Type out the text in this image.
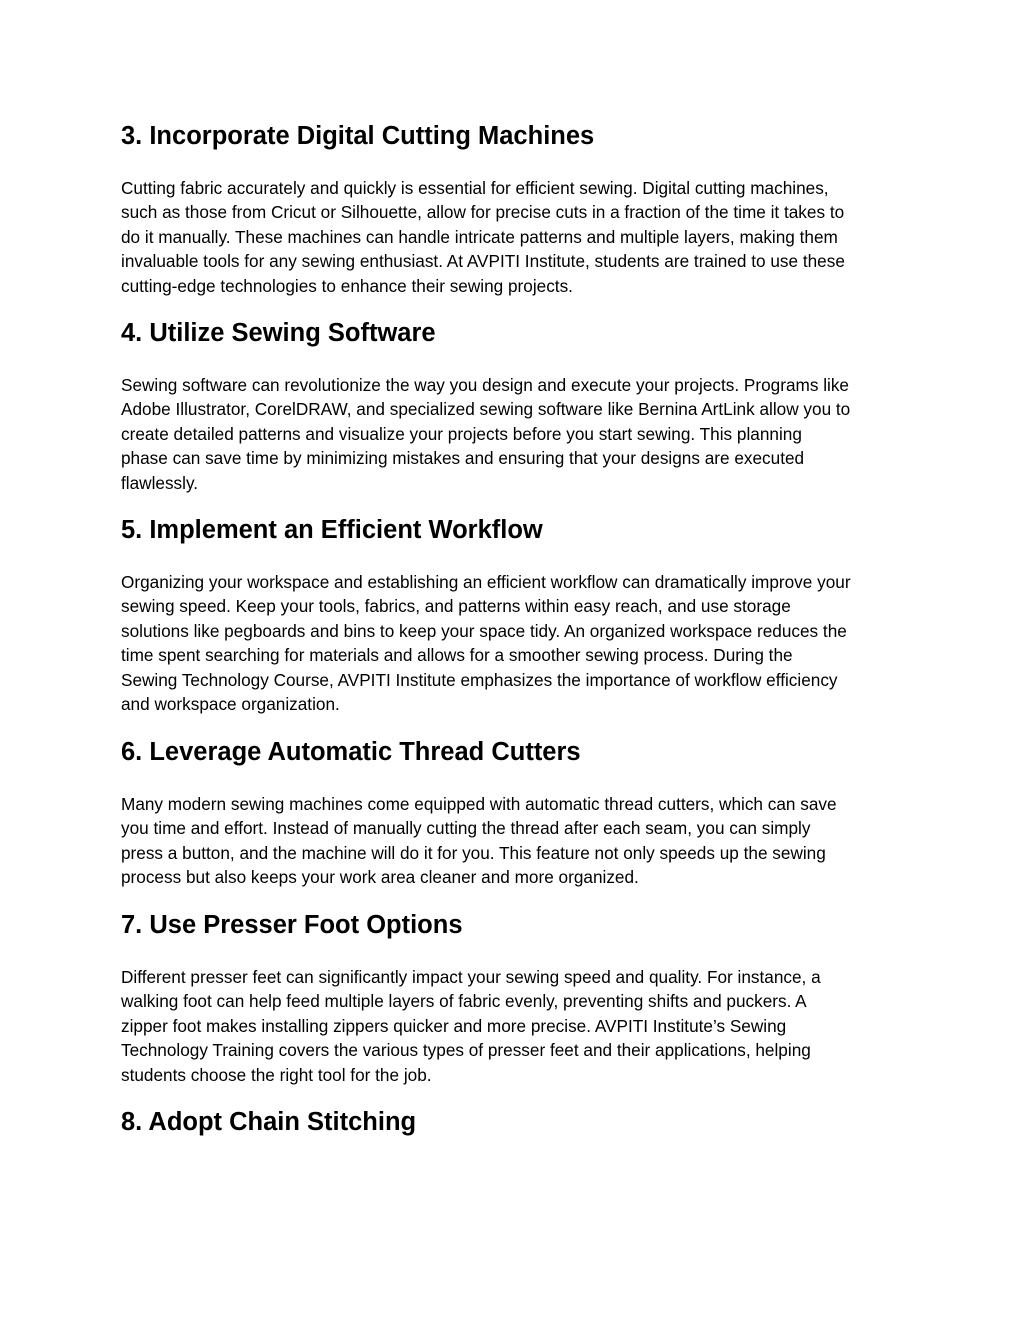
3. Incorporate Digital Cutting Machines

Cutting fabric accurately and quickly is essential for efficient sewing. Digital cutting machines,
such as those from Cricut or Silhouette, allow for precise cuts in a fraction of the time it takes to
do it manually. These machines can handle intricate patterns and multiple layers, making them
invaluable tools for any sewing enthusiast. At AVPITI Institute, students are trained to use these
cutting-edge technologies to enhance their sewing projects.

4. Utilize Sewing Software

Sewing software can revolutionize the way you design and execute your projects. Programs like
Adobe Illustrator, CorelDRAW, and specialized sewing software like Bernina ArtLink allow you to
create detailed patterns and visualize your projects before you start sewing. This planning
phase can save time by minimizing mistakes and ensuring that your designs are executed
flawlessly.

5. Implement an Efficient Workflow

Organizing your workspace and establishing an efficient workflow can dramatically improve your
sewing speed. Keep your tools, fabrics, and patterns within easy reach, and use storage
solutions like pegboards and bins to keep your space tidy. An organized workspace reduces the
time spent searching for materials and allows for a smoother sewing process. During the
Sewing Technology Course, AVPITI Institute emphasizes the importance of workflow efficiency
and workspace organization.

6. Leverage Automatic Thread Cutters

Many modern sewing machines come equipped with automatic thread cutters, which can save
you time and effort. Instead of manually cutting the thread after each seam, you can simply
press a button, and the machine will do it for you. This feature not only speeds up the sewing
process but also keeps your work area cleaner and more organized.

7. Use Presser Foot Options

Different presser feet can significantly impact your sewing speed and quality. For instance, a
walking foot can help feed multiple layers of fabric evenly, preventing shifts and puckers. A
zipper foot makes installing zippers quicker and more precise. AVPITI Institute’s Sewing
Technology Training covers the various types of presser feet and their applications, helping
students choose the right tool for the job.

8. Adopt Chain Stitching
